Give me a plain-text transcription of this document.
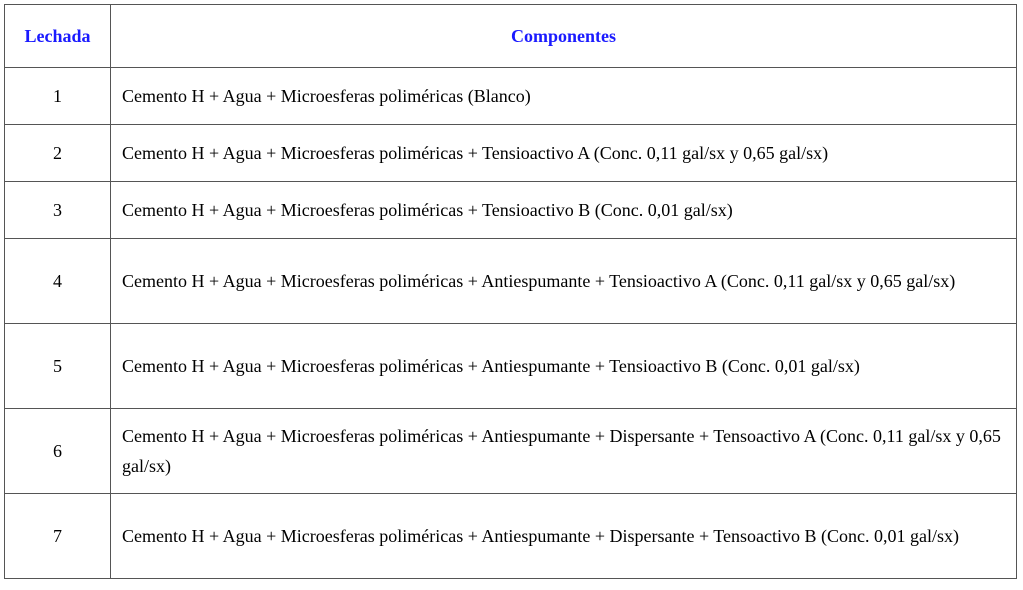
Lechada	Componentes
1	Cemento H + Agua + Microesferas poliméricas (Blanco)
2	Cemento H + Agua + Microesferas poliméricas + Tensioactivo A (Conc. 0,11 gal/sx y 0,65 gal/sx)
3	Cemento H + Agua + Microesferas poliméricas + Tensioactivo B (Conc. 0,01 gal/sx)
4	Cemento H + Agua + Microesferas poliméricas + Antiespumante + Tensioactivo A (Conc. 0,11 gal/sx y 0,65 gal/sx)
5	Cemento H + Agua + Microesferas poliméricas + Antiespumante + Tensioactivo B (Conc. 0,01 gal/sx)
6	Cemento H + Agua + Microesferas poliméricas + Antiespumante + Dispersante + Tensoactivo A (Conc. 0,11 gal/sx y 0,65 gal/sx)
7	Cemento H + Agua + Microesferas poliméricas + Antiespumante + Dispersante + Tensoactivo B (Conc. 0,01 gal/sx)
